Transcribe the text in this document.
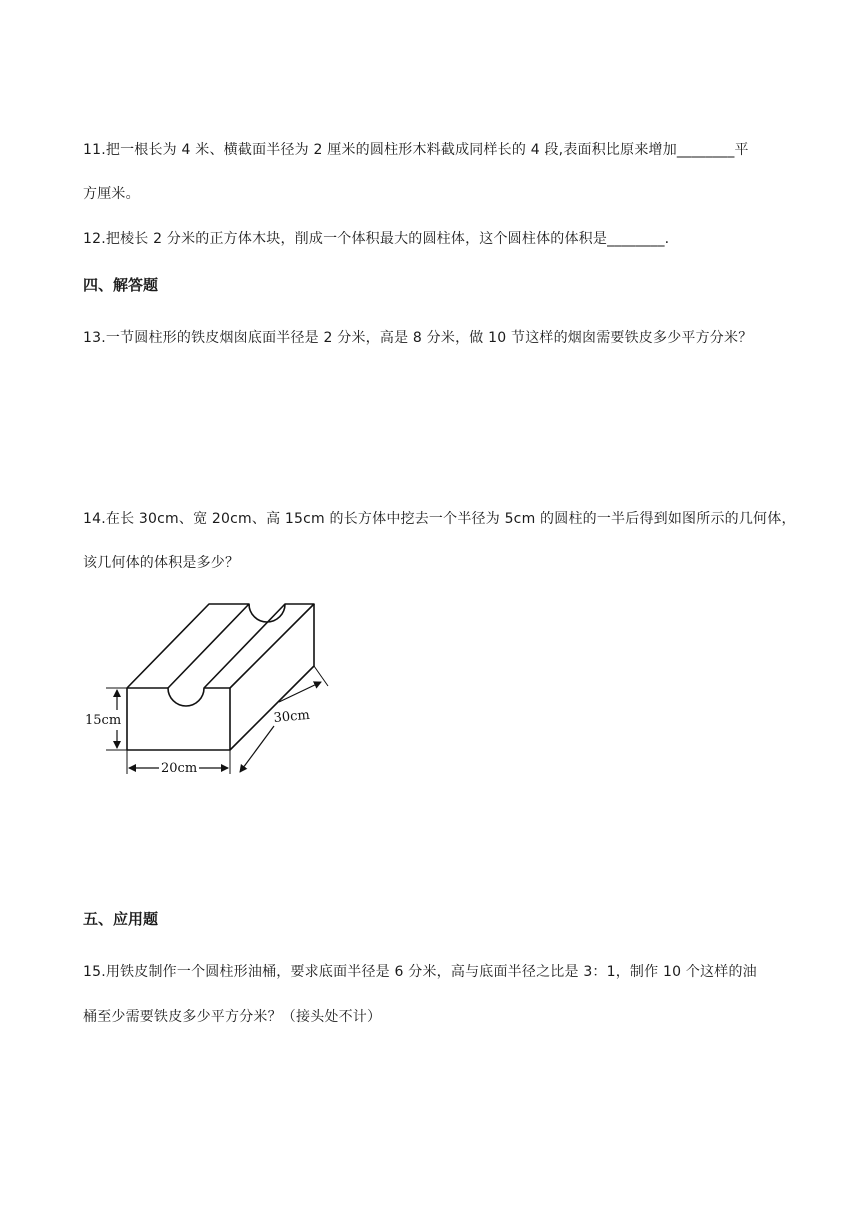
11.把一根长为 4 米、横截面半径为 2 厘米的圆柱形木料截成同样长的 4 段,表面积比原来增加________平
方厘米。
12.把棱长 2 分米的正方体木块，削成一个体积最大的圆柱体，这个圆柱体的体积是________.
四、解答题
13.一节圆柱形的铁皮烟囱底面半径是 2 分米，高是 8 分米，做 10 节这样的烟囱需要铁皮多少平方分米？
14.在长 30cm、宽 20cm、高 15cm 的长方体中挖去一个半径为 5cm 的圆柱的一半后得到如图所示的几何体，
该几何体的体积是多少？
15cm
20cm
30cm
五、应用题
15.用铁皮制作一个圆柱形油桶，要求底面半径是 6 分米，高与底面半径之比是 3：1，制作 10 个这样的油
桶至少需要铁皮多少平方分米？（接头处不计）
